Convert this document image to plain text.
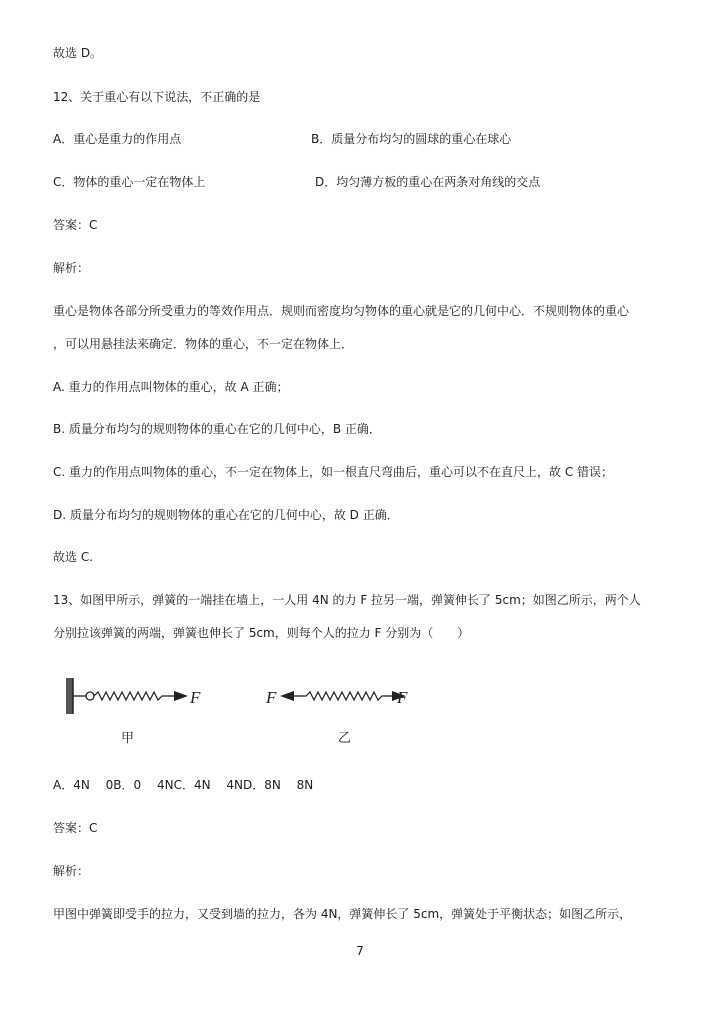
故选 D。
12、关于重心有以下说法，不正确的是
A．重心是重力的作用点	B．质量分布均匀的圆球的重心在球心
C．物体的重心一定在物体上	D．均匀薄方板的重心在两条对角线的交点
答案：C
解析：
重心是物体各部分所受重力的等效作用点．规则而密度均匀物体的重心就是它的几何中心．不规则物体的重心
，可以用悬挂法来确定．物体的重心，不一定在物体上．
A. 重力的作用点叫物体的重心，故 A 正确；
B. 质量分布均匀的规则物体的重心在它的几何中心，B 正确．
C. 重力的作用点叫物体的重心，不一定在物体上，如一根直尺弯曲后，重心可以不在直尺上，故 C 错误；
D. 质量分布均匀的规则物体的重心在它的几何中心，故 D 正确．
故选 C.
13、如图甲所示，弹簧的一端挂在墙上，一人用 4N 的力 F 拉另一端，弹簧伸长了 5cm；如图乙所示，两个人
分别拉该弹簧的两端，弹簧也伸长了 5cm，则每个人的拉力 F 分别为（　　）
F
甲
F	F
乙
A．4N　 0B．0　 4NC．4N　 4ND．8N　 8N
答案：C
解析：
甲图中弹簧即受手的拉力，又受到墙的拉力，各为 4N，弹簧伸长了 5cm，弹簧处于平衡状态；如图乙所示，
7
